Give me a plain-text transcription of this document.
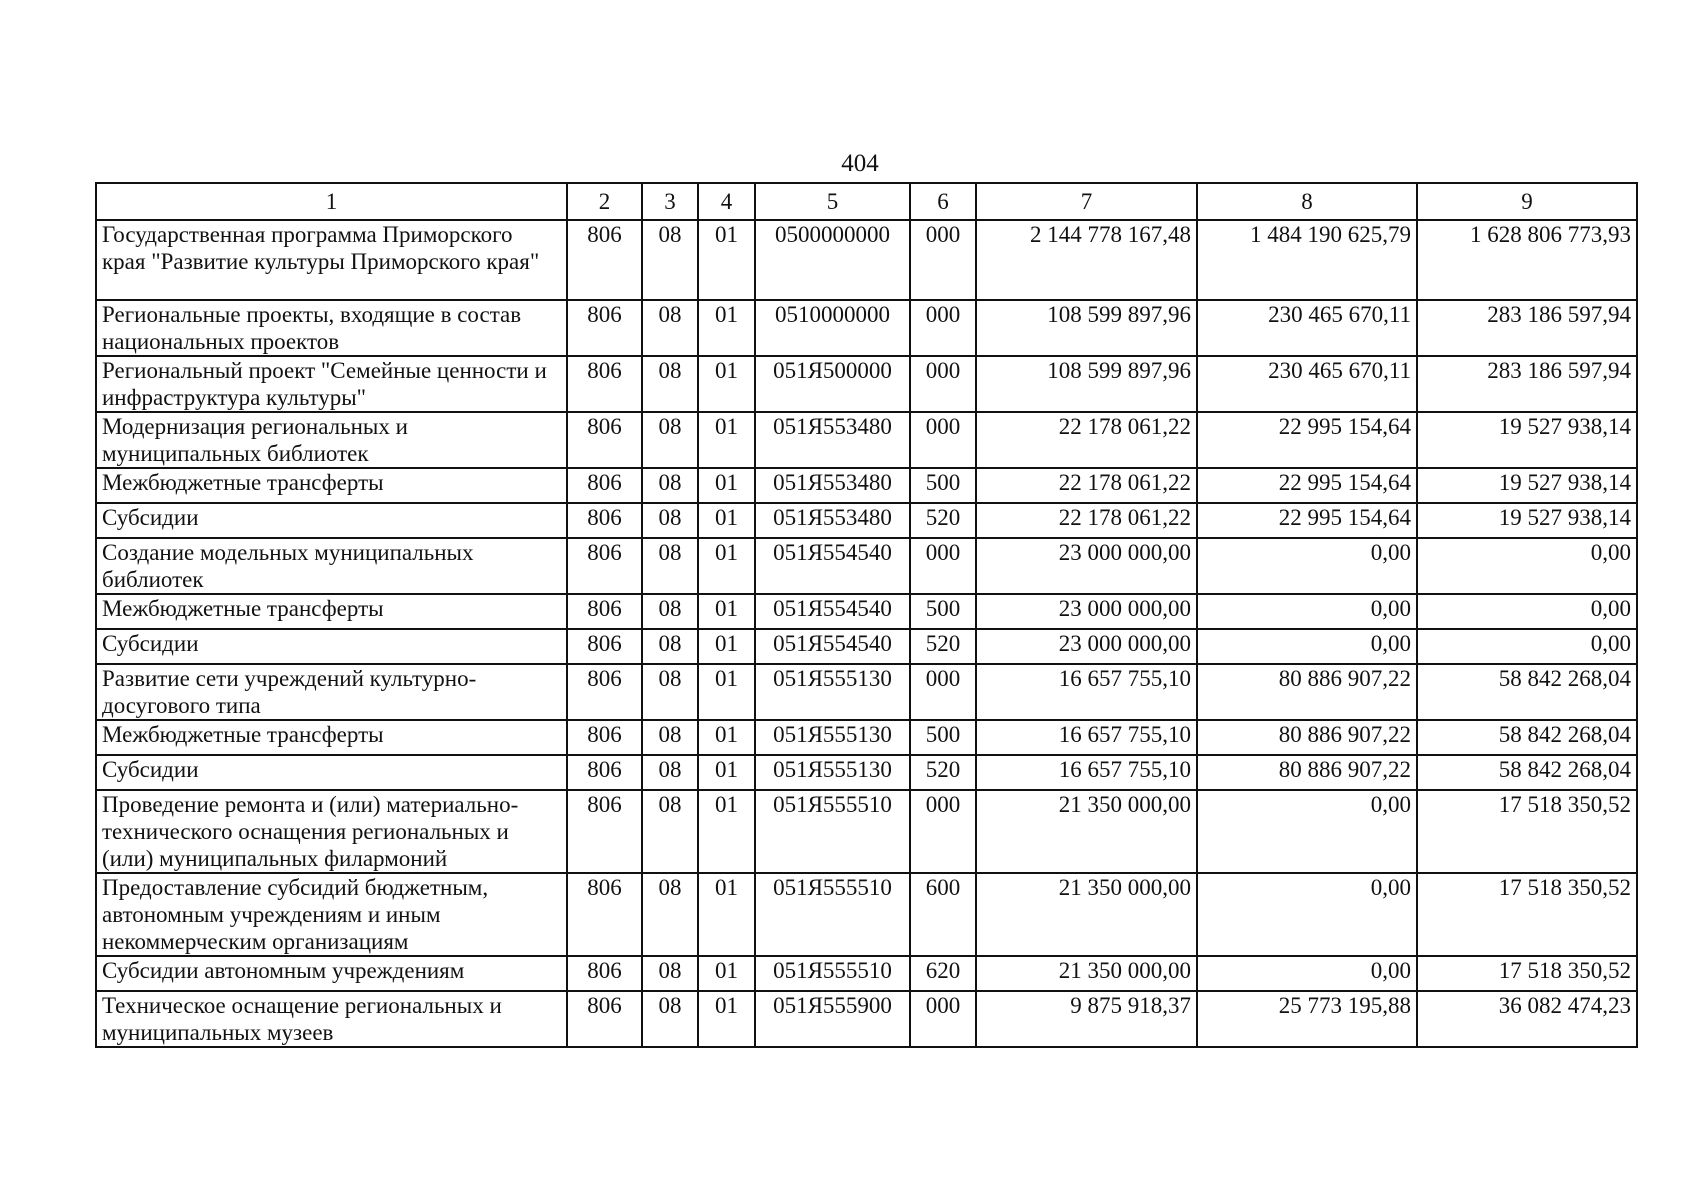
404
1	2	3	4	5	6	7	8	9
Государственная программа Приморского края "Развитие культуры Приморского края"	806	08	01	0500000000	000	2 144 778 167,48	1 484 190 625,79	1 628 806 773,93
Региональные проекты, входящие в состав национальных проектов	806	08	01	0510000000	000	108 599 897,96	230 465 670,11	283 186 597,94
Региональный проект "Семейные ценности и инфраструктура культуры"	806	08	01	051Я500000	000	108 599 897,96	230 465 670,11	283 186 597,94
Модернизация региональных и муниципальных библиотек	806	08	01	051Я553480	000	22 178 061,22	22 995 154,64	19 527 938,14
Межбюджетные трансферты	806	08	01	051Я553480	500	22 178 061,22	22 995 154,64	19 527 938,14
Субсидии	806	08	01	051Я553480	520	22 178 061,22	22 995 154,64	19 527 938,14
Создание модельных муниципальных библиотек	806	08	01	051Я554540	000	23 000 000,00	0,00	0,00
Межбюджетные трансферты	806	08	01	051Я554540	500	23 000 000,00	0,00	0,00
Субсидии	806	08	01	051Я554540	520	23 000 000,00	0,00	0,00
Развитие сети учреждений культурно-досугового типа	806	08	01	051Я555130	000	16 657 755,10	80 886 907,22	58 842 268,04
Межбюджетные трансферты	806	08	01	051Я555130	500	16 657 755,10	80 886 907,22	58 842 268,04
Субсидии	806	08	01	051Я555130	520	16 657 755,10	80 886 907,22	58 842 268,04
Проведение ремонта и (или) материально-технического оснащения региональных и (или) муниципальных филармоний	806	08	01	051Я555510	000	21 350 000,00	0,00	17 518 350,52
Предоставление субсидий бюджетным, автономным учреждениям и иным некоммерческим организациям	806	08	01	051Я555510	600	21 350 000,00	0,00	17 518 350,52
Субсидии автономным учреждениям	806	08	01	051Я555510	620	21 350 000,00	0,00	17 518 350,52
Техническое оснащение региональных и муниципальных музеев	806	08	01	051Я555900	000	9 875 918,37	25 773 195,88	36 082 474,23
